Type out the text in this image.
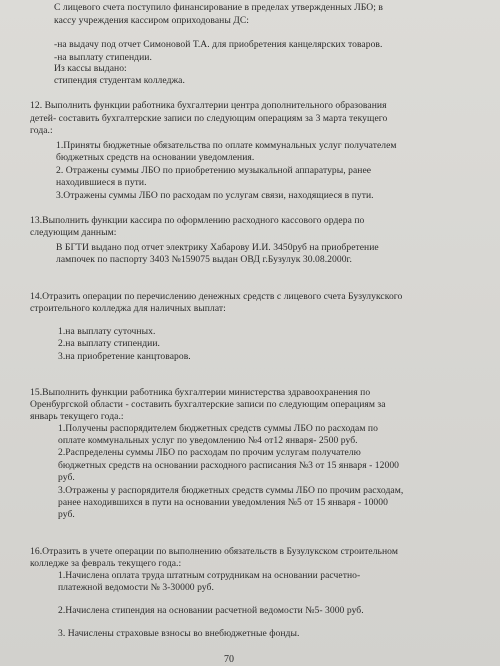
С лицевого счета поступило финансирование в пределах утвержденных ЛБО; в
кассу учреждения кассиром оприходованы ДС:
-на выдачу под отчет Симоновой Т.А. для приобретения канцелярских товаров.
-на выплату стипендии.
Из кассы выдано:
стипендия студентам колледжа.
12. Выполнить функции работника бухгалтерии центра дополнительного образования
детей- составить бухгалтерские записи по следующим операциям за 3 марта текущего
года.:
1.Приняты бюджетные обязательства по оплате коммунальных услуг получателем
бюджетных средств на основании уведомления.
2. Отражены суммы ЛБО по приобретению музыкальной аппаратуры, ранее
находившиеся в пути.
3.Отражены суммы ЛБО по расходам по услугам связи, находящиеся в пути.
13.Выполнить функции кассира по оформлению расходного кассового ордера по
следующим данным:
В БГТИ выдано под отчет электрику Хабарову И.И. 3450руб на приобретение
лампочек по паспорту 3403 №159075 выдан ОВД г.Бузулук 30.08.2000г.
14.Отразить операции по перечислению денежных средств с лицевого счета Бузулукского
строительного колледжа для наличных выплат:
1.на выплату суточных.
2.на выплату стипендии.
3.на приобретение канцтоваров.
15.Выполнить функции работника бухгалтерии министерства здравоохранения по
Оренбургской области - составить бухгалтерские записи по следующим операциям за
январь текущего года.:
1.Получены распорядителем бюджетных средств суммы ЛБО по расходам по
оплате коммунальных услуг по уведомлению №4 от12 января- 2500 руб.
2.Распределены суммы ЛБО по расходам по прочим услугам получателю
бюджетных средств на основании расходного расписания №3 от 15 января - 12000
руб.
3.Отражены у распорядителя бюджетных средств суммы ЛБО по прочим расходам,
ранее находившихся в пути на основании уведомления №5 от 15 января - 10000
руб.
16.Отразить в учете операции по выполнению обязательств в Бузулукском строительном
колледже за февраль текущего года.:
1.Начислена оплата труда штатным сотрудникам на основании расчетно-
платежной ведомости № 3-30000 руб.
2.Начислена стипендия на основании расчетной ведомости №5- 3000 руб.
3. Начислены страховые взносы во внебюджетные фонды.
70
